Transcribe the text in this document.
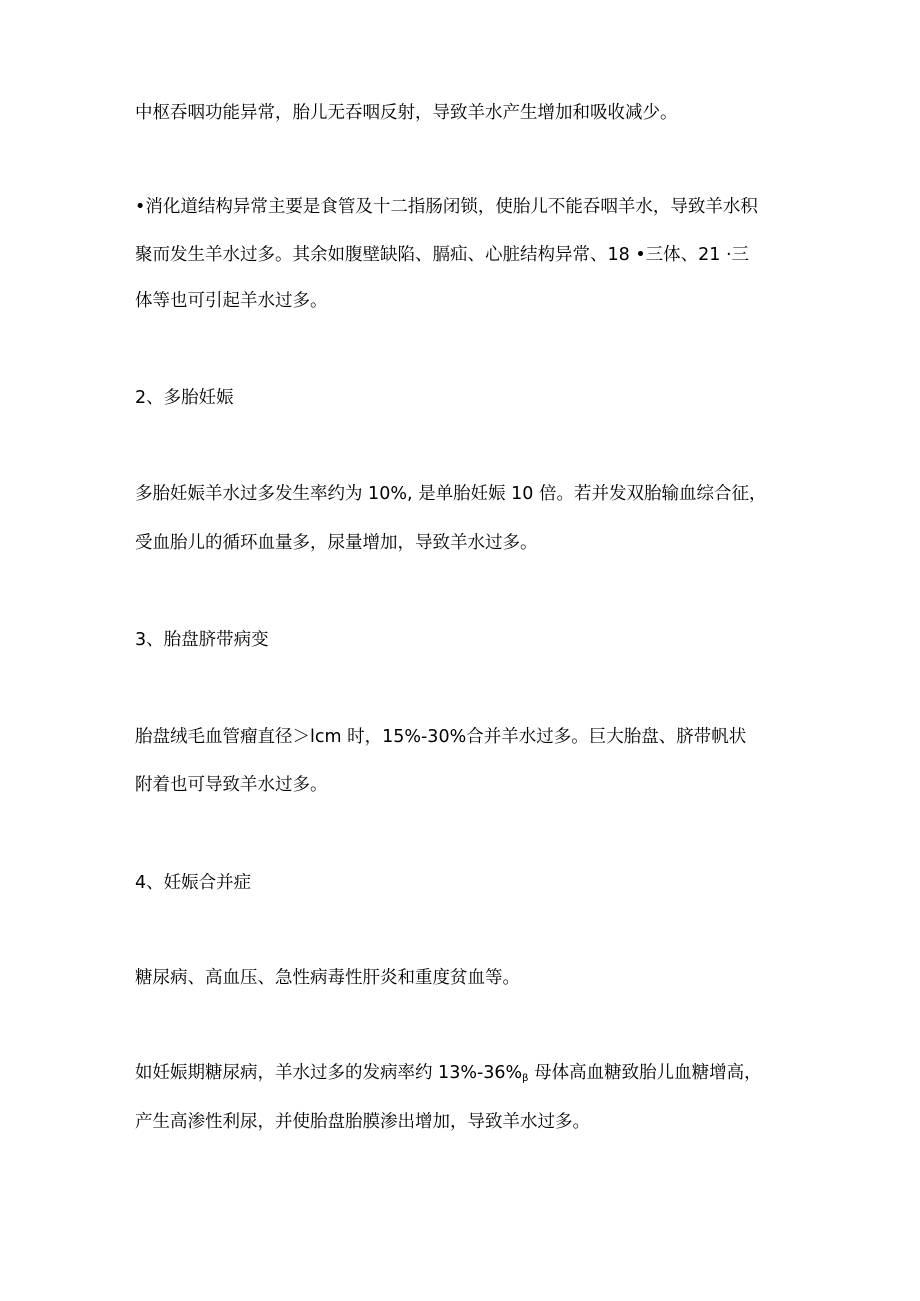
中枢吞咽功能异常，胎儿无吞咽反射，导致羊水产生增加和吸收减少。
•消化道结构异常主要是食管及十二指肠闭锁，使胎儿不能吞咽羊水，导致羊水积
聚而发生羊水过多。其余如腹壁缺陷、膈疝、心脏结构异常、18 •三体、21 ·三
体等也可引起羊水过多。
2、多胎妊娠
多胎妊娠羊水过多发生率约为 10%, 是单胎妊娠 10 倍。若并发双胎输血综合征，
受血胎儿的循环血量多，尿量增加，导致羊水过多。
3、胎盘脐带病变
胎盘绒毛血管瘤直径＞lcm 时，15%-30%合并羊水过多。巨大胎盘、脐带帆状
附着也可导致羊水过多。
4、妊娠合并症
糖尿病、高血压、急性病毒性肝炎和重度贫血等。
如妊娠期糖尿病，羊水过多的发病率约 $13\%-36\%_\beta$ 母体高血糖致胎儿血糖增高，
产生高渗性利尿，并使胎盘胎膜渗出增加，导致羊水过多。
